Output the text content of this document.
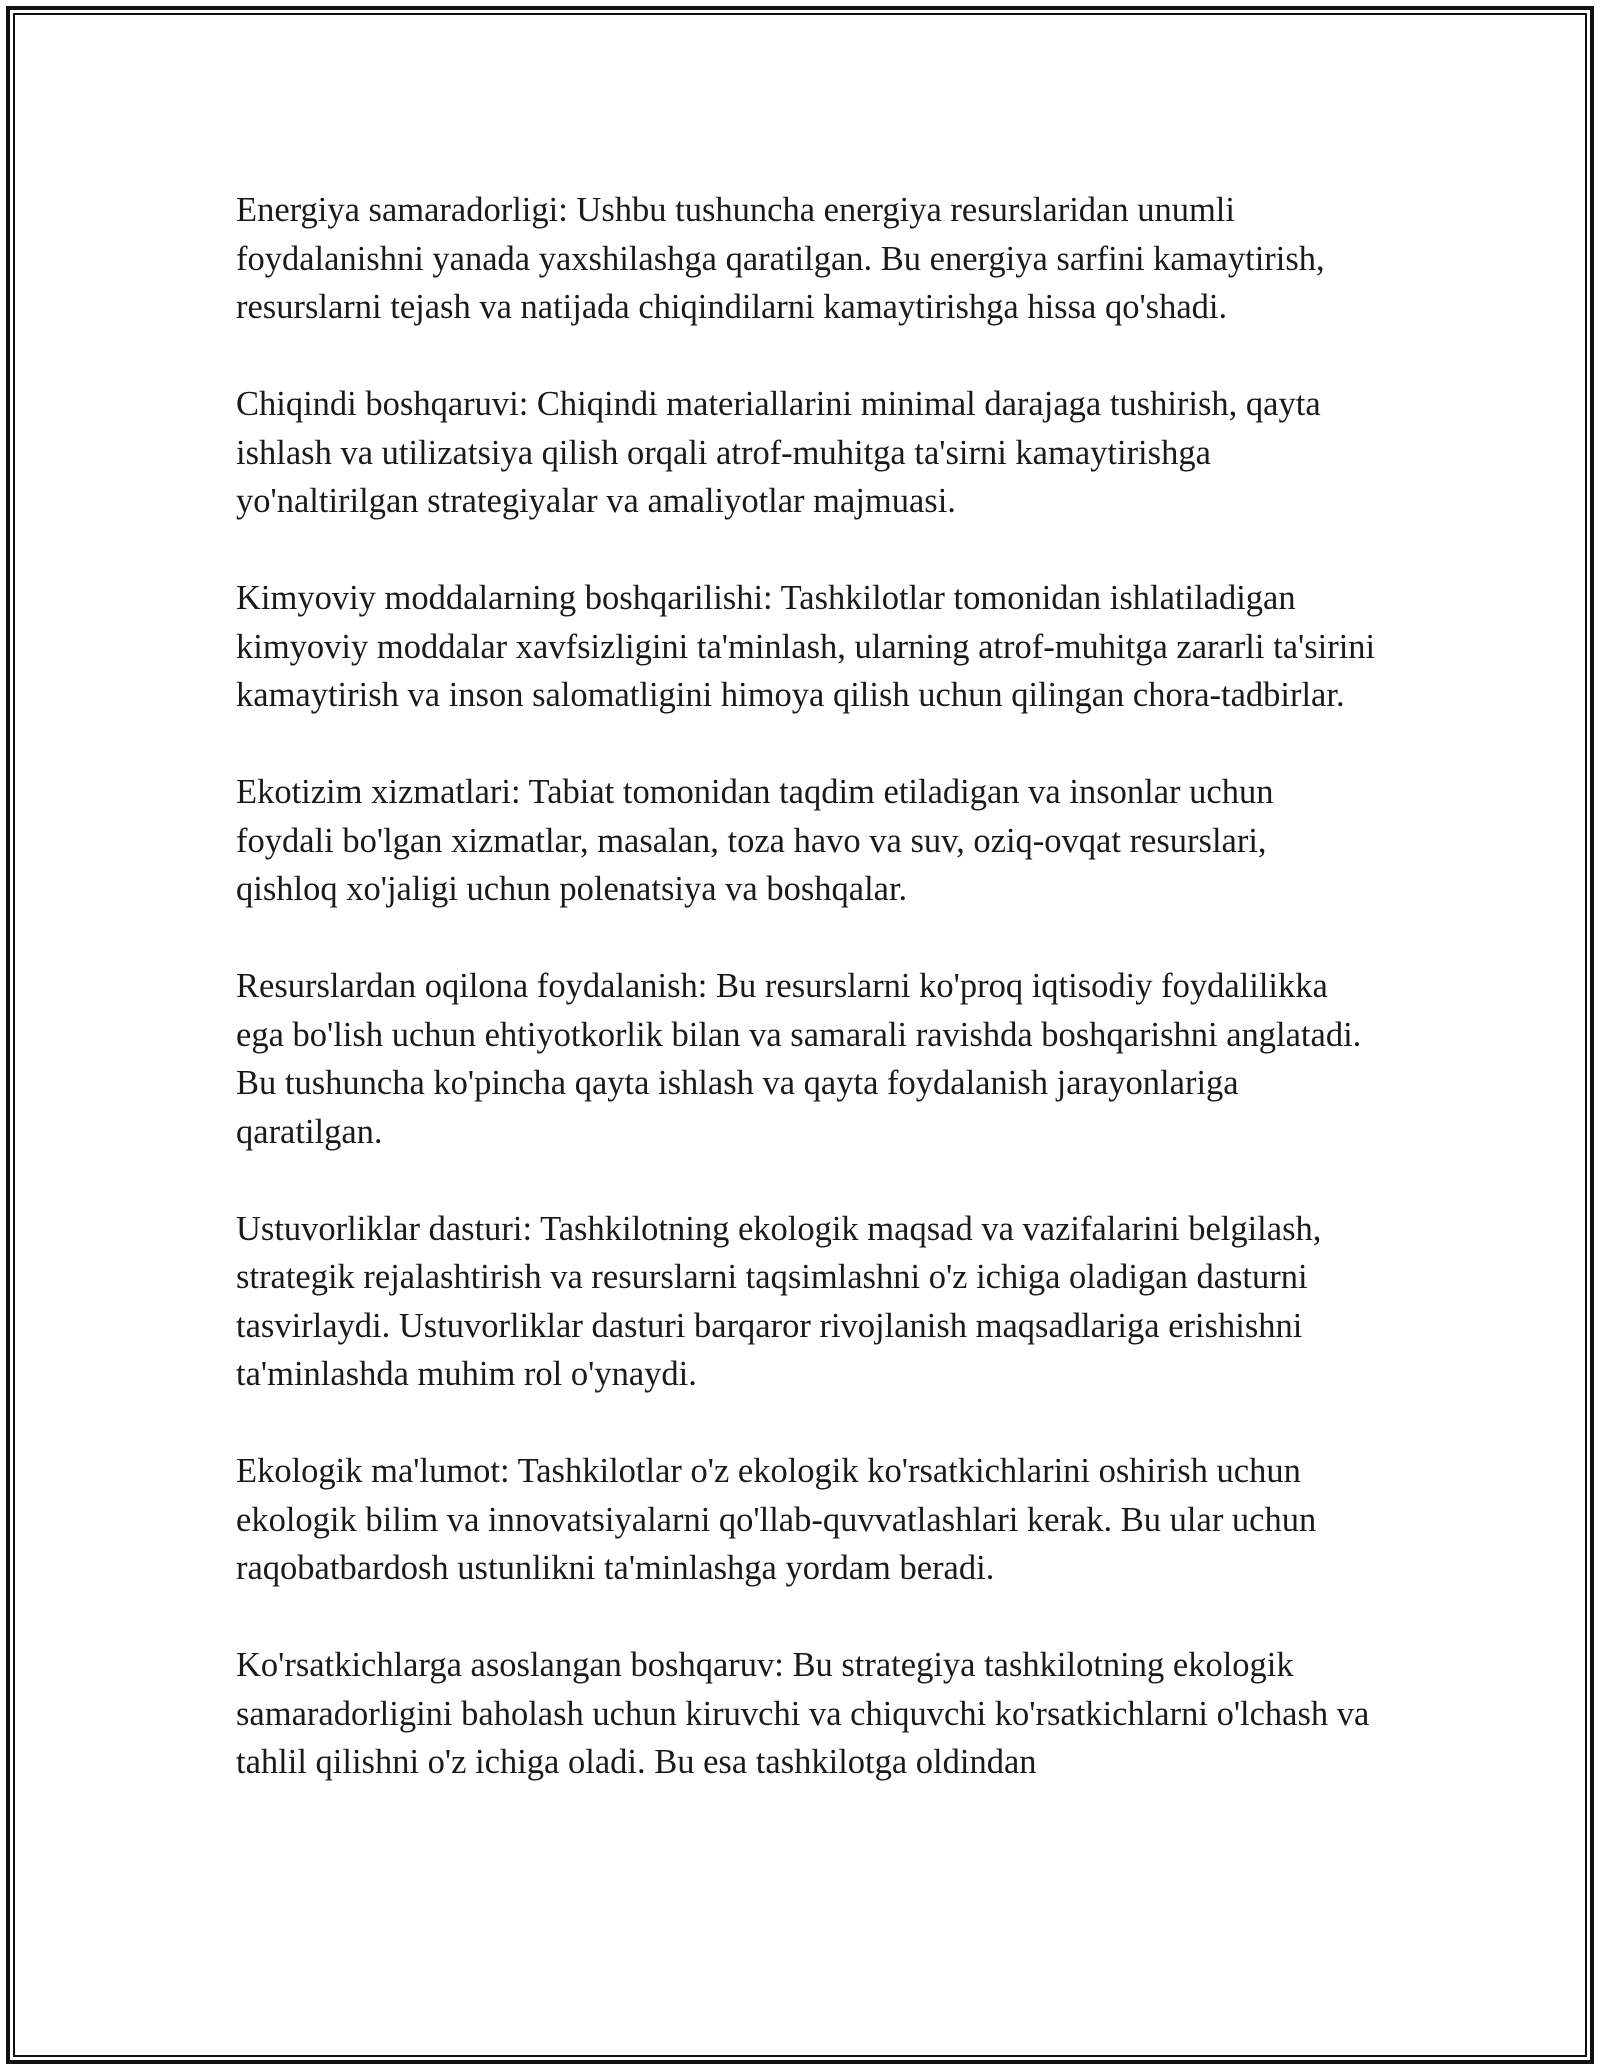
Energiya samaradorligi: Ushbu tushuncha energiya resurslaridan unumli foydalanishni yanada yaxshilashga qaratilgan. Bu energiya sarfini kamaytirish, resurslarni tejash va natijada chiqindilarni kamaytirishga hissa qo'shadi.

Chiqindi boshqaruvi: Chiqindi materiallarini minimal darajaga tushirish, qayta ishlash va utilizatsiya qilish orqali atrof-muhitga ta'sirni kamaytirishga yo'naltirilgan strategiyalar va amaliyotlar majmuasi.

Kimyoviy moddalarning boshqarilishi: Tashkilotlar tomonidan ishlatiladigan kimyoviy moddalar xavfsizligini ta'minlash, ularning atrof-muhitga zararli ta'sirini kamaytirish va inson salomatligini himoya qilish uchun qilingan chora-tadbirlar.

Ekotizim xizmatlari: Tabiat tomonidan taqdim etiladigan va insonlar uchun foydali bo'lgan xizmatlar, masalan, toza havo va suv, oziq-ovqat resurslari, qishloq xo'jaligi uchun polenatsiya va boshqalar.

Resurslardan oqilona foydalanish: Bu resurslarni ko'proq iqtisodiy foydalilikka ega bo'lish uchun ehtiyotkorlik bilan va samarali ravishda boshqarishni anglatadi. Bu tushuncha ko'pincha qayta ishlash va qayta foydalanish jarayonlariga qaratilgan.

Ustuvorliklar dasturi: Tashkilotning ekologik maqsad va vazifalarini belgilash, strategik rejalashtirish va resurslarni taqsimlashni o'z ichiga oladigan dasturni tasvirlaydi. Ustuvorliklar dasturi barqaror rivojlanish maqsadlariga erishishni ta'minlashda muhim rol o'ynaydi.

Ekologik ma'lumot: Tashkilotlar o'z ekologik ko'rsatkichlarini oshirish uchun ekologik bilim va innovatsiyalarni qo'llab-quvvatlashlari kerak. Bu ular uchun raqobatbardosh ustunlikni ta'minlashga yordam beradi.

Ko'rsatkichlarga asoslangan boshqaruv: Bu strategiya tashkilotning ekologik samaradorligini baholash uchun kiruvchi va chiquvchi ko'rsatkichlarni o'lchash va tahlil qilishni o'z ichiga oladi. Bu esa tashkilotga oldindan
